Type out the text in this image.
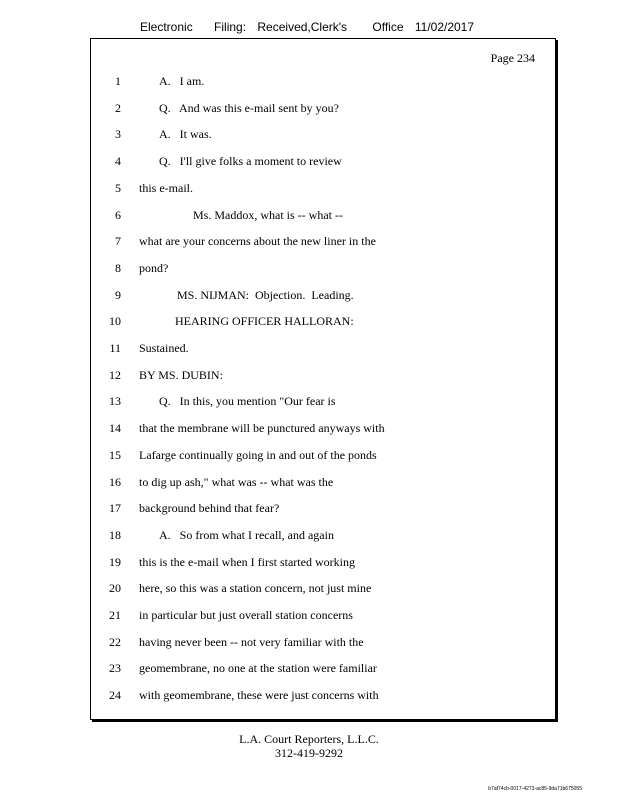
Electronic Filing: Received,Clerk's Office 11/02/2017
Page 234
1	A.   I am.
2	Q.   And was this e-mail sent by you?
3	A.   It was.
4	Q.   I'll give folks a moment to review
5 this e-mail.
6	Ms. Maddox, what is -- what --
7 what are your concerns about the new liner in the
8 pond?
9	MS. NIJMAN:  Objection.  Leading.
10	HEARING OFFICER HALLORAN:
11 Sustained.
12 BY MS. DUBIN:
13	Q.   In this, you mention "Our fear is
14 that the membrane will be punctured anyways with
15 Lafarge continually going in and out of the ponds
16 to dig up ash," what was -- what was the
17 background behind that fear?
18	A.   So from what I recall, and again
19 this is the e-mail when I first started working
20 here, so this was a station concern, not just mine
21 in particular but just overall station concerns
22 having never been -- not very familiar with the
23 geomembrane, no one at the station were familiar
24 with geomembrane, these were just concerns with
L.A. Court Reporters, L.L.C.
312-419-9292
b7af74cb-0017-4273-ac85-9da71b675055
